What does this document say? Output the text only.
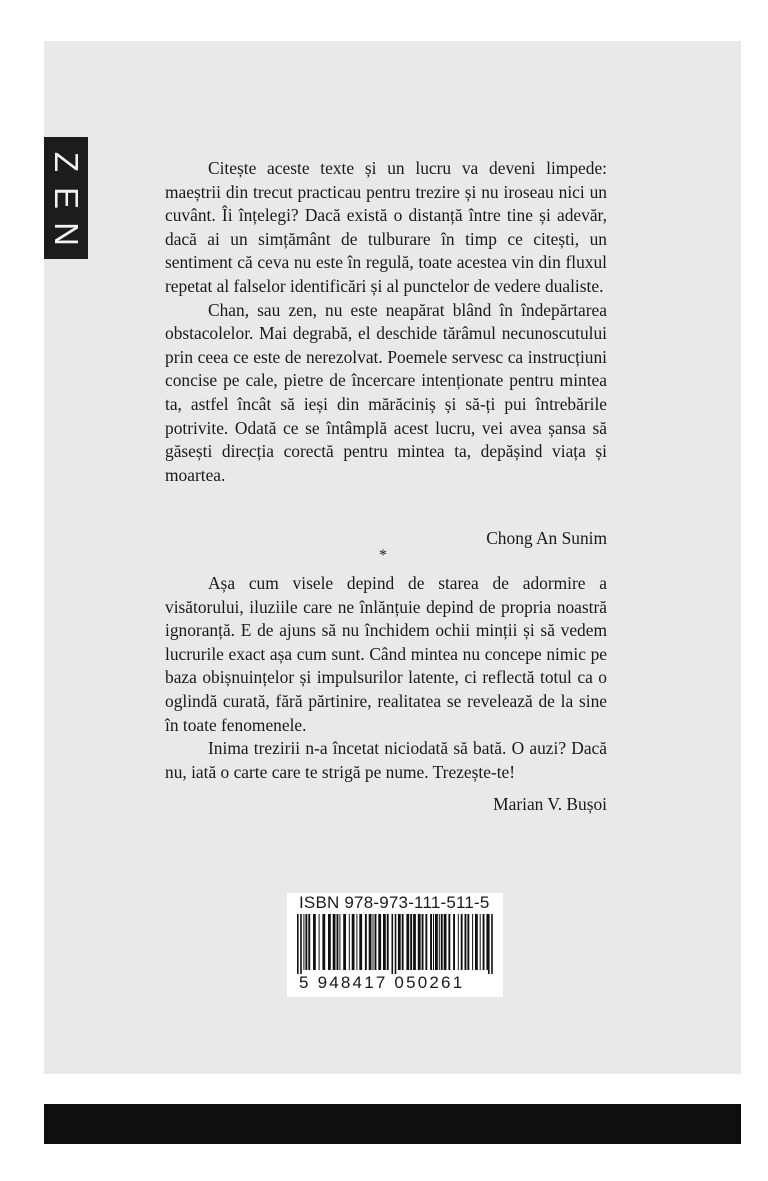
Z
E
N

Citește aceste texte și un lucru va deveni limpede: maeștrii din trecut practicau pentru trezire și nu iroseau nici un cuvânt. Îi înțelegi? Dacă există o distanță între tine și adevăr, dacă ai un simțământ de tulburare în timp ce citești, un sentiment că ceva nu este în regulă, toate acestea vin din fluxul repetat al falselor identificări și al punctelor de vedere dualiste.

Chan, sau zen, nu este neapărat blând în îndepărtarea obstacolelor. Mai degrabă, el deschide tărâmul necunoscutului prin ceea ce este de nerezolvat. Poemele servesc ca instrucțiuni concise pe cale, pietre de încercare intenționate pentru mintea ta, astfel încât să ieși din mărăciniș și să-ți pui întrebările potrivite. Odată ce se întâmplă acest lucru, vei avea șansa să găsești direcția corectă pentru mintea ta, depășind viața și moartea.

Chong An Sunim
*

Așa cum visele depind de starea de adormire a visătorului, iluziile care ne înlănțuie depind de propria noastră ignoranță. E de ajuns să nu închidem ochii minții și să vedem lucrurile exact așa cum sunt. Când mintea nu concepe nimic pe baza obișnuințelor și impulsurilor latente, ci reflectă totul ca o oglindă curată, fără părtinire, realitatea se revelează de la sine în toate fenomenele.

Inima trezirii n-a încetat niciodată să bată. O auzi? Dacă nu, iată o carte care te strigă pe nume. Trezește-te!

Marian V. Bușoi
ISBN 978-973-111-511-5
5 948417 050261
